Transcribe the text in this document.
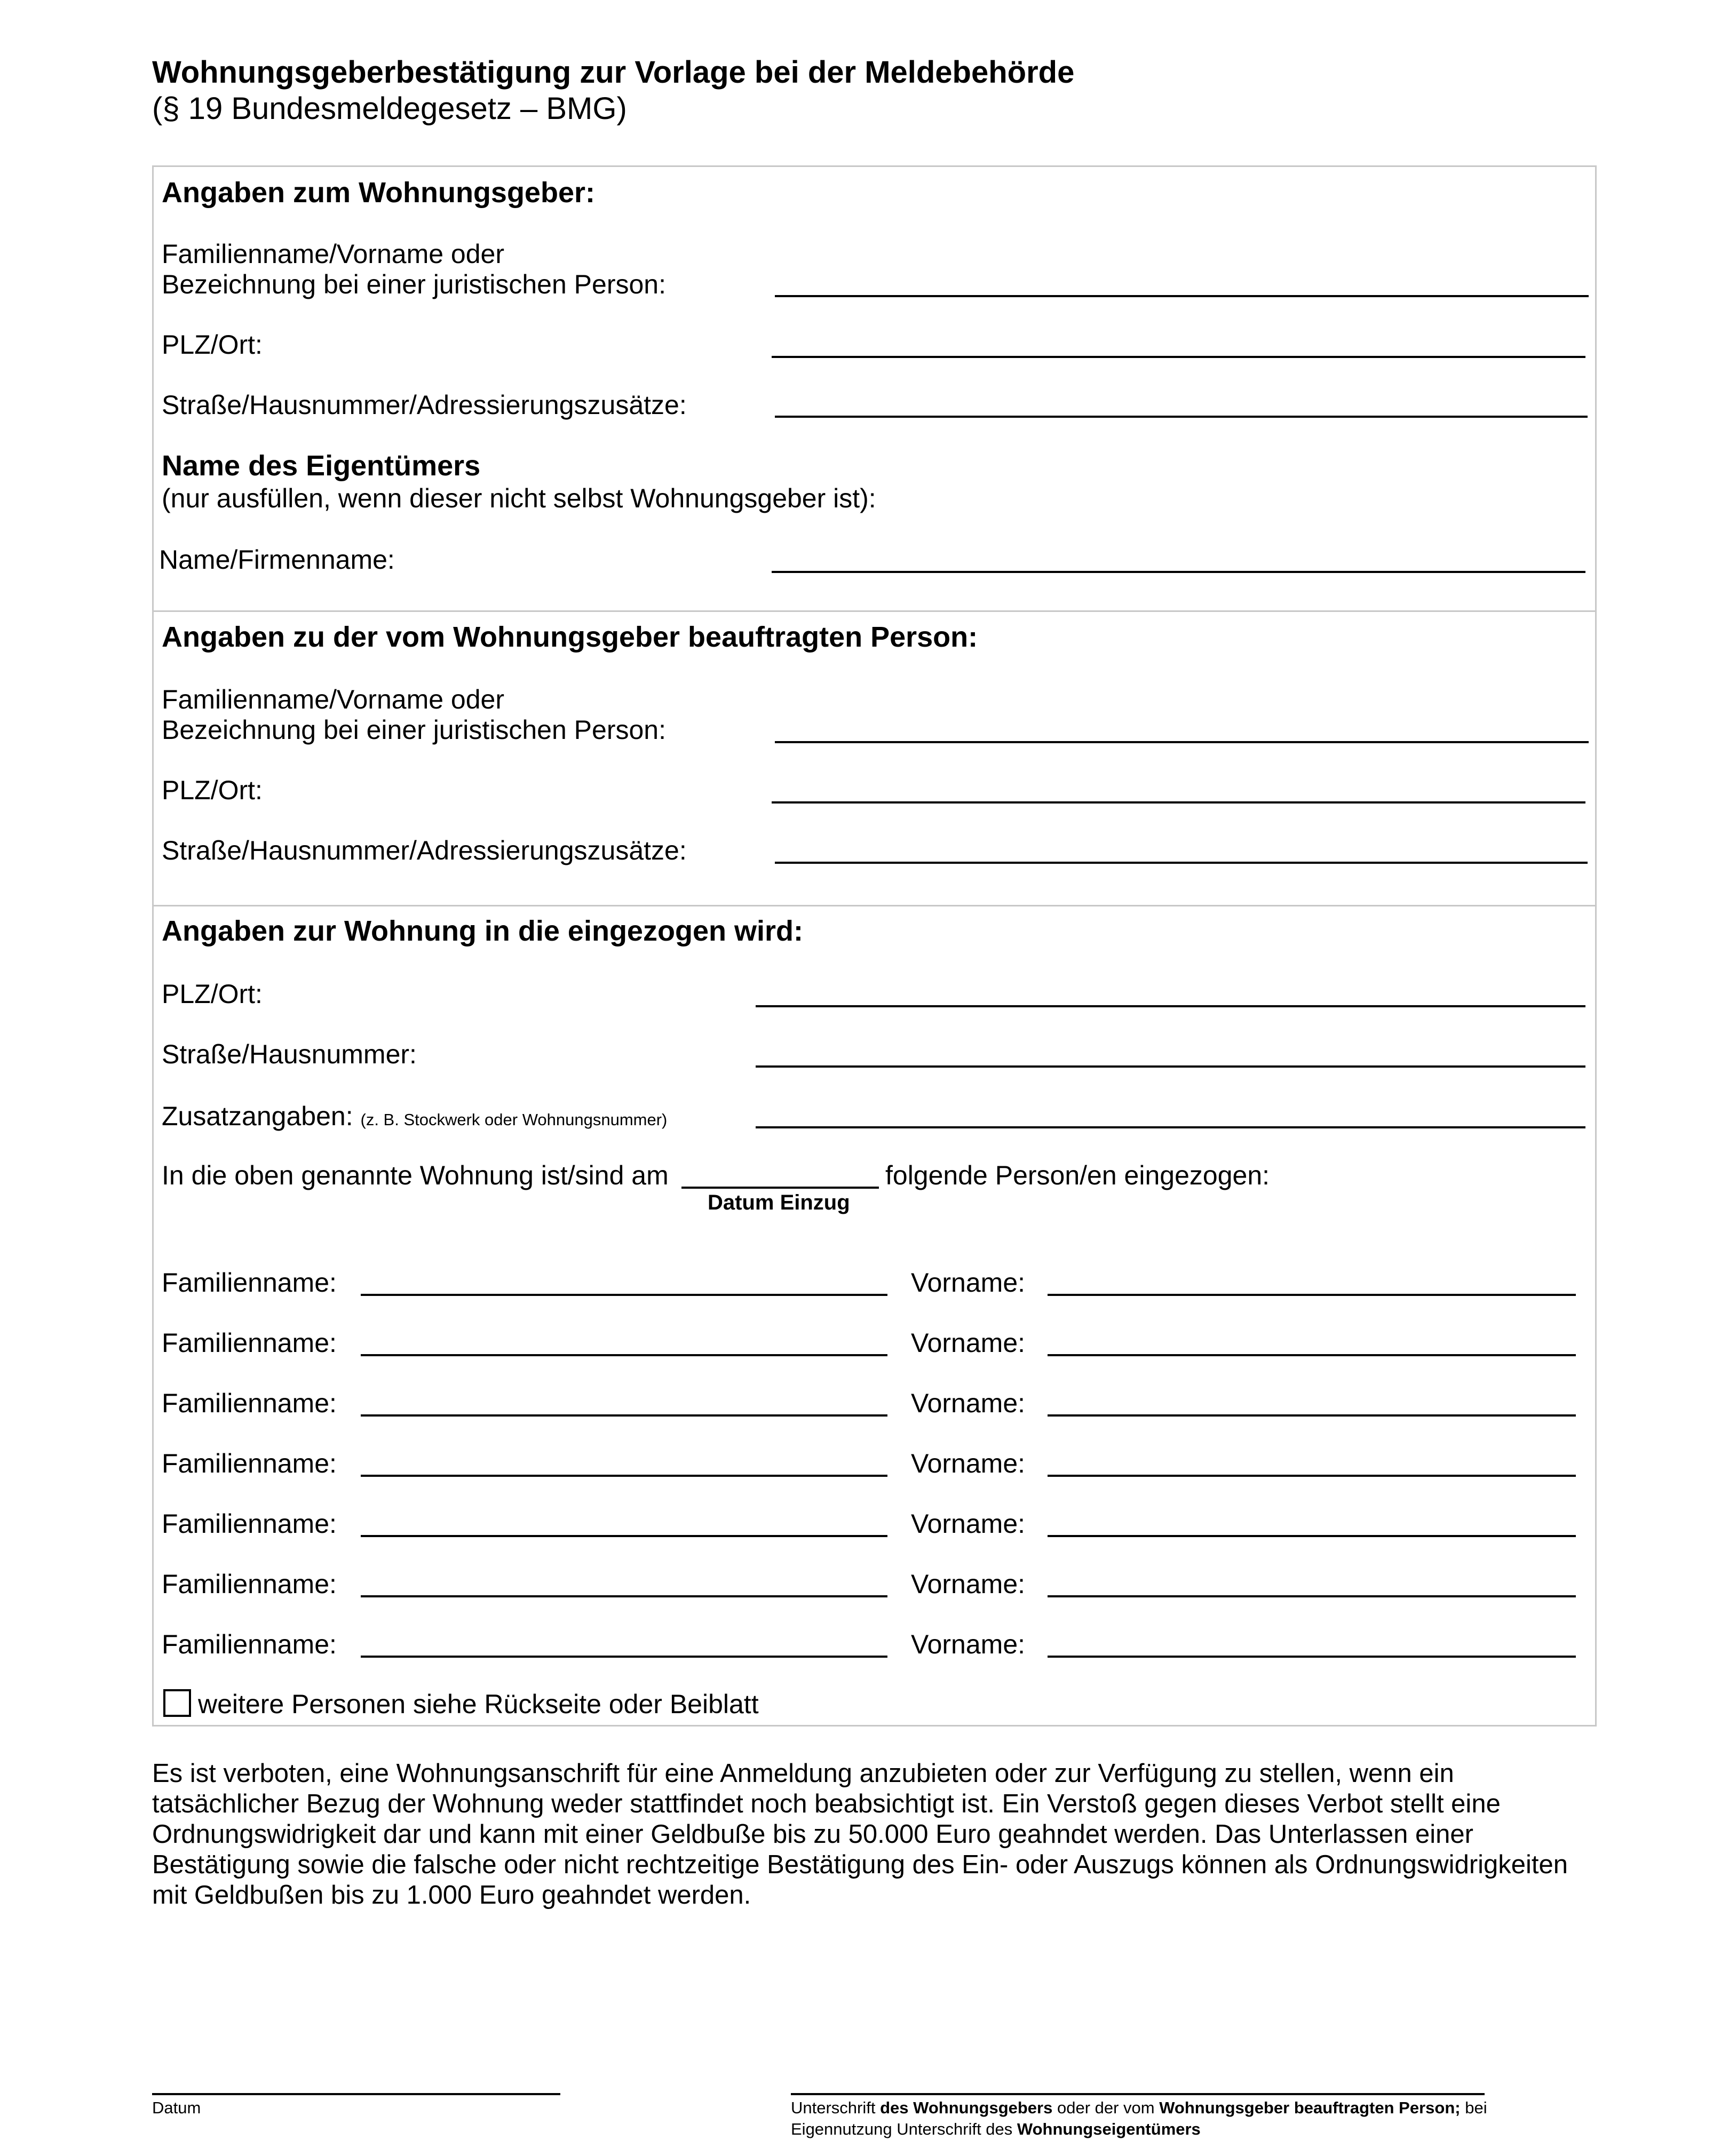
Wohnungsgeberbestätigung zur Vorlage bei der Meldebehörde
(§ 19 Bundesmeldegesetz – BMG)
Angaben zum Wohnungsgeber:
Familienname/Vorname oder
Bezeichnung bei einer juristischen Person:
PLZ/Ort:
Straße/Hausnummer/Adressierungszusätze:
Name des Eigentümers
(nur ausfüllen, wenn dieser nicht selbst Wohnungsgeber ist):
Name/Firmenname:
Angaben zu der vom Wohnungsgeber beauftragten Person:
Familienname/Vorname oder
Bezeichnung bei einer juristischen Person:
PLZ/Ort:
Straße/Hausnummer/Adressierungszusätze:
Angaben zur Wohnung in die eingezogen wird:
PLZ/Ort:
Straße/Hausnummer:
Zusatzangaben: (z. B. Stockwerk oder Wohnungsnummer)
In die oben genannte Wohnung ist/sind am	folgende Person/en eingezogen:
Datum Einzug
Familienname:	Vorname:
Familienname:	Vorname:
Familienname:	Vorname:
Familienname:	Vorname:
Familienname:	Vorname:
Familienname:	Vorname:
Familienname:	Vorname:
weitere Personen siehe Rückseite oder Beiblatt
Es ist verboten, eine Wohnungsanschrift für eine Anmeldung anzubieten oder zur Verfügung zu stellen, wenn ein tatsächlicher Bezug der Wohnung weder stattfindet noch beabsichtigt ist. Ein Verstoß gegen dieses Verbot stellt eine Ordnungswidrigkeit dar und kann mit einer Geldbuße bis zu 50.000 Euro geahndet werden. Das Unterlassen einer Bestätigung sowie die falsche oder nicht rechtzeitige Bestätigung des Ein- oder Auszugs können als Ordnungswidrigkeiten mit Geldbußen bis zu 1.000 Euro geahndet werden.
Datum	Unterschrift des Wohnungsgebers oder der vom Wohnungsgeber beauftragten Person; bei Eigennutzung Unterschrift des Wohnungseigentümers
